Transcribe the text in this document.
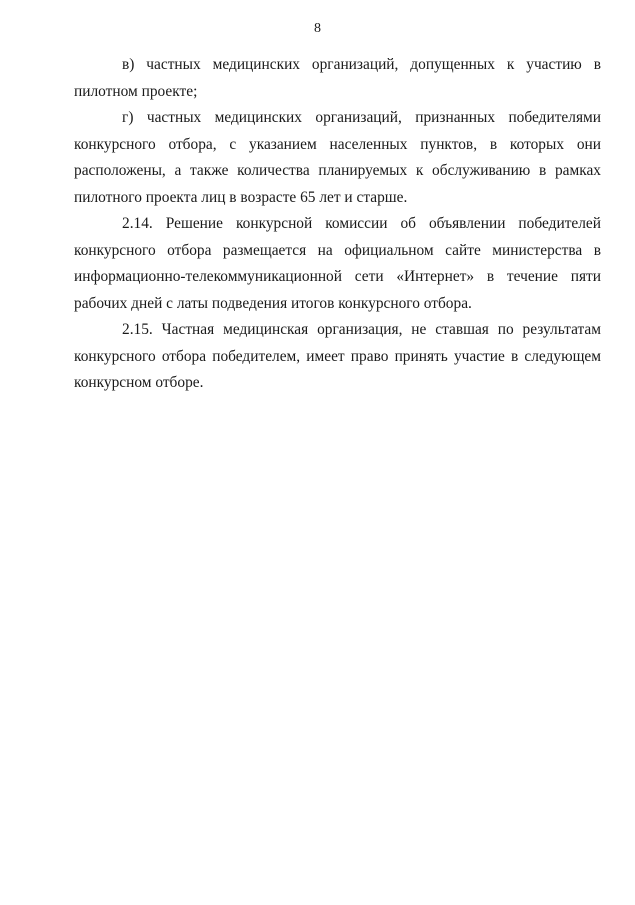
8

в) частных медицинских организаций, допущенных к участию в пилотном проекте;

г) частных медицинских организаций, признанных победителями конкурсного отбора, с указанием населенных пунктов, в которых они расположены, а также количества планируемых к обслуживанию в рамках пилотного проекта лиц в возрасте 65 лет и старше.

2.14. Решение конкурсной комиссии об объявлении победителей конкурсного отбора размещается на официальном сайте министерства в информационно-телекоммуникационной сети «Интернет» в течение пяти рабочих дней с латы подведения итогов конкурсного отбора.

2.15. Частная медицинская организация, не ставшая по результатам конкурсного отбора победителем, имеет право принять участие в следующем конкурсном отборе.
